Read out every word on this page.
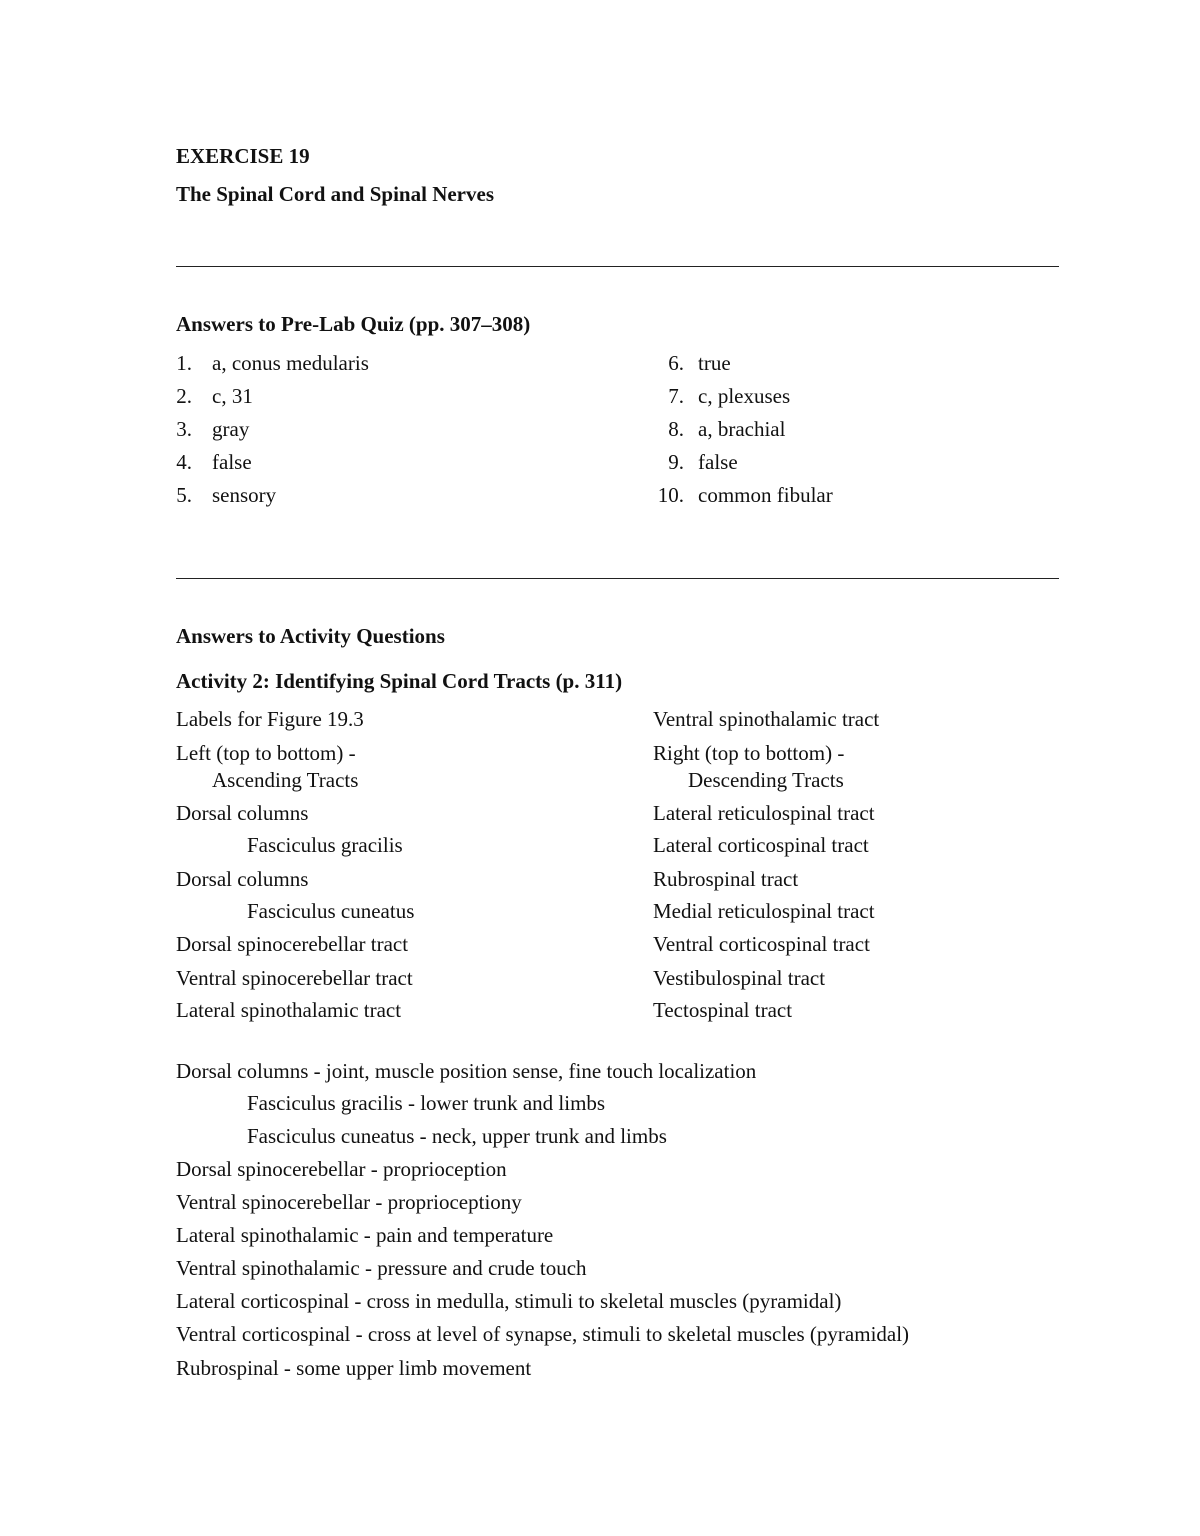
EXERCISE 19
The Spinal Cord and Spinal Nerves
Answers to Pre-Lab Quiz (pp. 307–308)
1. a, conus medularis
2. c, 31
3. gray
4. false
5. sensory
6. true
7. c, plexuses
8. a, brachial
9. false
10. common fibular
Answers to Activity Questions
Activity 2: Identifying Spinal Cord Tracts (p. 311)
Labels for Figure 19.3
Left (top to bottom) -
Ascending Tracts
Dorsal columns
Fasciculus gracilis
Dorsal columns
Fasciculus cuneatus
Dorsal spinocerebellar tract
Ventral spinocerebellar tract
Lateral spinothalamic tract
Ventral spinothalamic tract
Right (top to bottom) -
Descending Tracts
Lateral reticulospinal tract
Lateral corticospinal tract
Rubrospinal tract
Medial reticulospinal tract
Ventral corticospinal tract
Vestibulospinal tract
Tectospinal tract
Dorsal columns - joint, muscle position sense, fine touch localization
Fasciculus gracilis - lower trunk and limbs
Fasciculus cuneatus - neck, upper trunk and limbs
Dorsal spinocerebellar - proprioception
Ventral spinocerebellar - proprioceptiony
Lateral spinothalamic - pain and temperature
Ventral spinothalamic - pressure and crude touch
Lateral corticospinal - cross in medulla, stimuli to skeletal muscles (pyramidal)
Ventral corticospinal - cross at level of synapse, stimuli to skeletal muscles (pyramidal)
Rubrospinal - some upper limb movement
